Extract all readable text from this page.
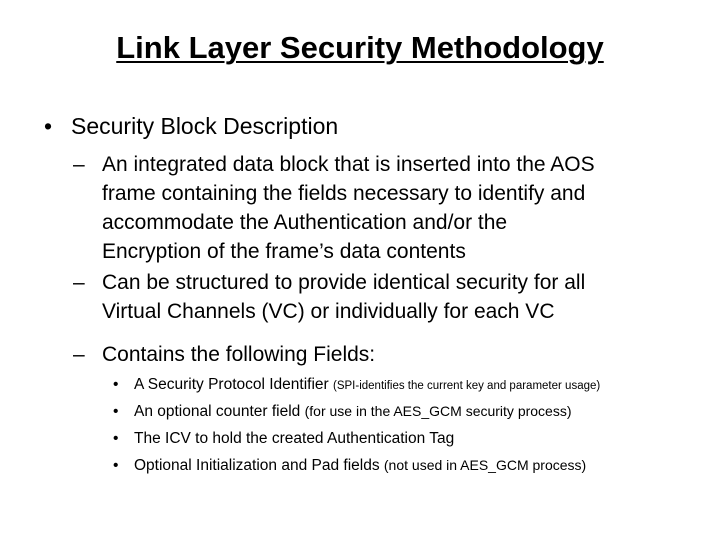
Link Layer Security Methodology
• Security Block Description
– An integrated data block that is inserted into the AOS
frame containing the fields necessary to identify and
accommodate the Authentication and/or the
Encryption of the frame’s data contents
– Can be structured to provide identical security for all
Virtual Channels (VC) or individually for each VC
– Contains the following Fields:
• A Security Protocol Identifier (SPI-identifies the current key and parameter usage)
• An optional counter field (for use in the AES_GCM security process)
• The ICV to hold the created Authentication Tag
• Optional Initialization and Pad fields (not used in AES_GCM process)
